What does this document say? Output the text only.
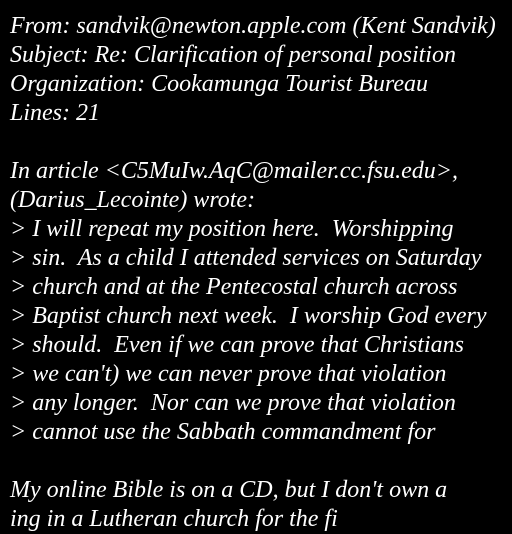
From: sandvik@newton.apple.com (Kent Sandvik)
Subject: Re: Clarification of personal position
Organization: Cookamunga Tourist Bureau
Lines: 21
In article <C5MuIw.AqC@mailer.cc.fsu.edu>,
(Darius_Lecointe) wrote:
> I will repeat my position here.  Worshipping
> sin.  As a child I attended services on Saturday
> church and at the Pentecostal church across
> Baptist church next week.  I worship God every
> should.  Even if we can prove that Christians
> we can't) we can never prove that violation
> any longer.  Nor can we prove that violation
> cannot use the Sabbath commandment for
My online Bible is on a CD, but I don't own a
ing in a Lutheran church for the fi
